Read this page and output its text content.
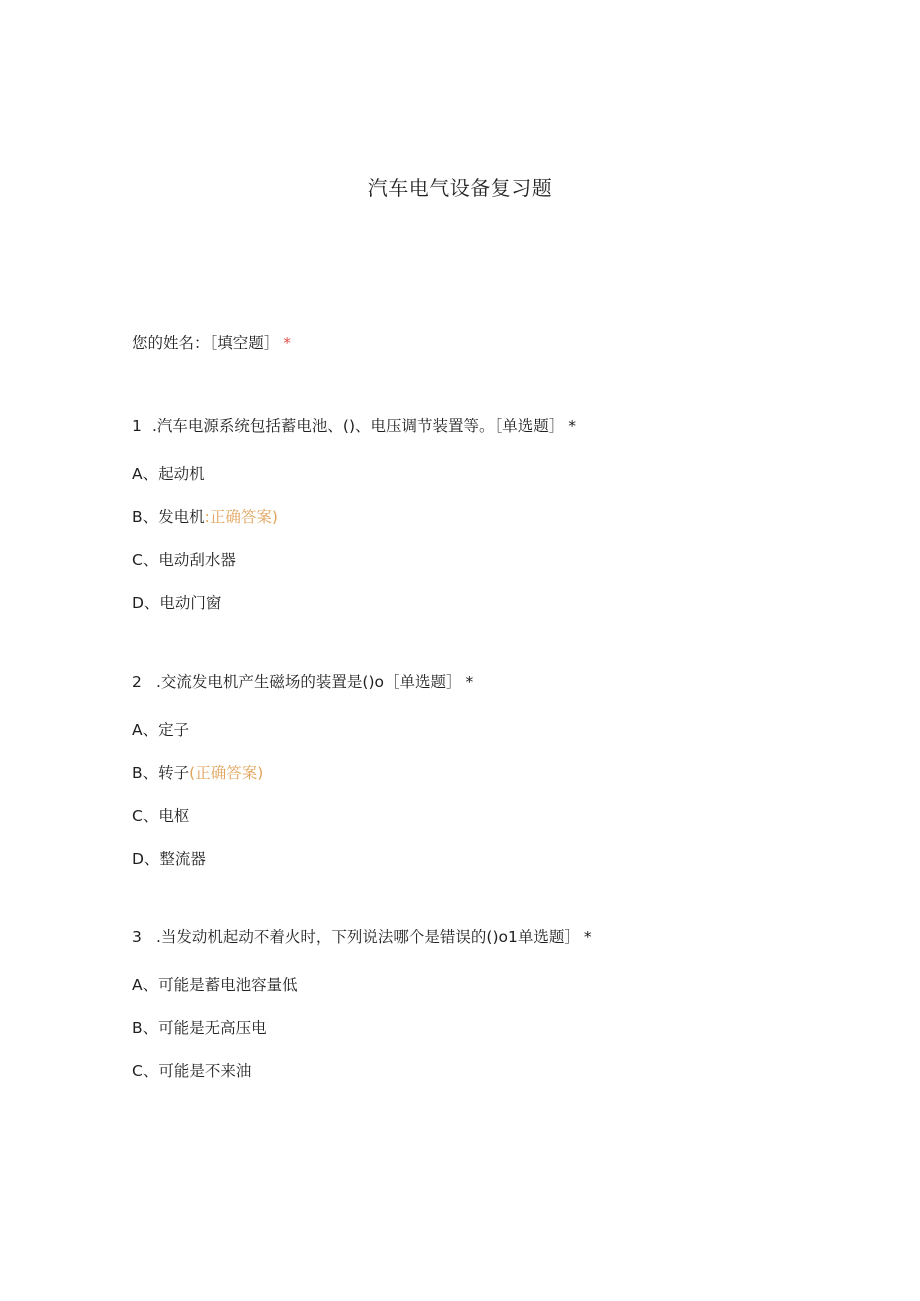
汽车电气设备复习题
您的姓名：［填空题］ *
1 .汽车电源系统包括蓄电池、()、电压调节装置等。［单选题］ *
A、起动机
B、发电机:正确答案)
C、电动刮水器
D、电动门窗
2 .交流发电机产生磁场的装置是()o［单选题］ *
A、定子
B、转子(正确答案)
C、电枢
D、整流器
3 .当发动机起动不着火时，下列说法哪个是错误的()o1单选题］ *
A、可能是蓄电池容量低
B、可能是无高压电
C、可能是不来油
